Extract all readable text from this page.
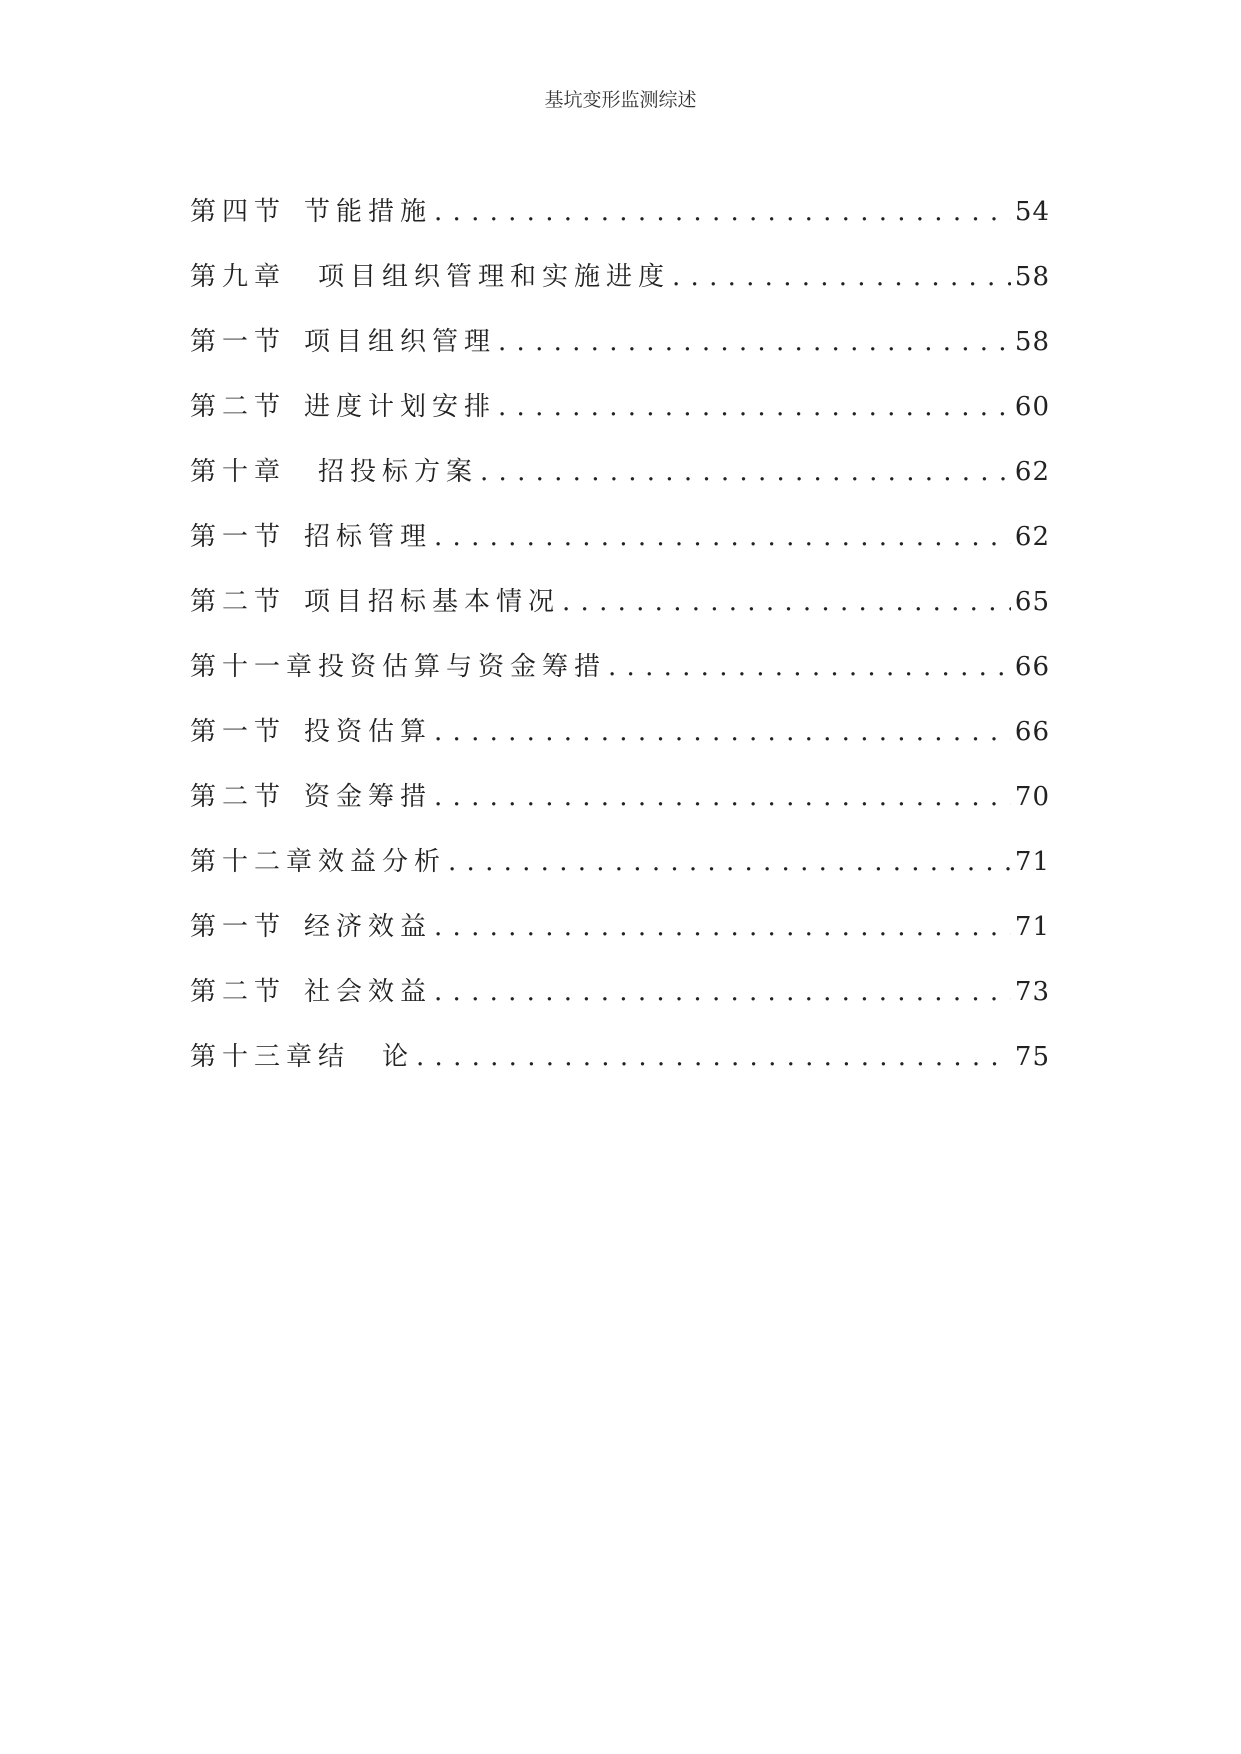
基坑变形监测综述
第四节 节能措施 . . .	54
第九章 项目组织管理和实施进度 . . .	58
第一节 项目组织管理 . . .	58
第二节 进度计划安排 . . .	60
第十章 招投标方案 . . .	62
第一节 招标管理 . . .	62
第二节 项目招标基本情况 . . .	65
第十一章投资估算与资金筹措 . . .	66
第一节 投资估算 . . .	66
第二节 资金筹措 . . .	70
第十二章效益分析 . . .	71
第一节 经济效益 . . .	71
第二节 社会效益 . . .	73
第十三章结　论 . . .	75
